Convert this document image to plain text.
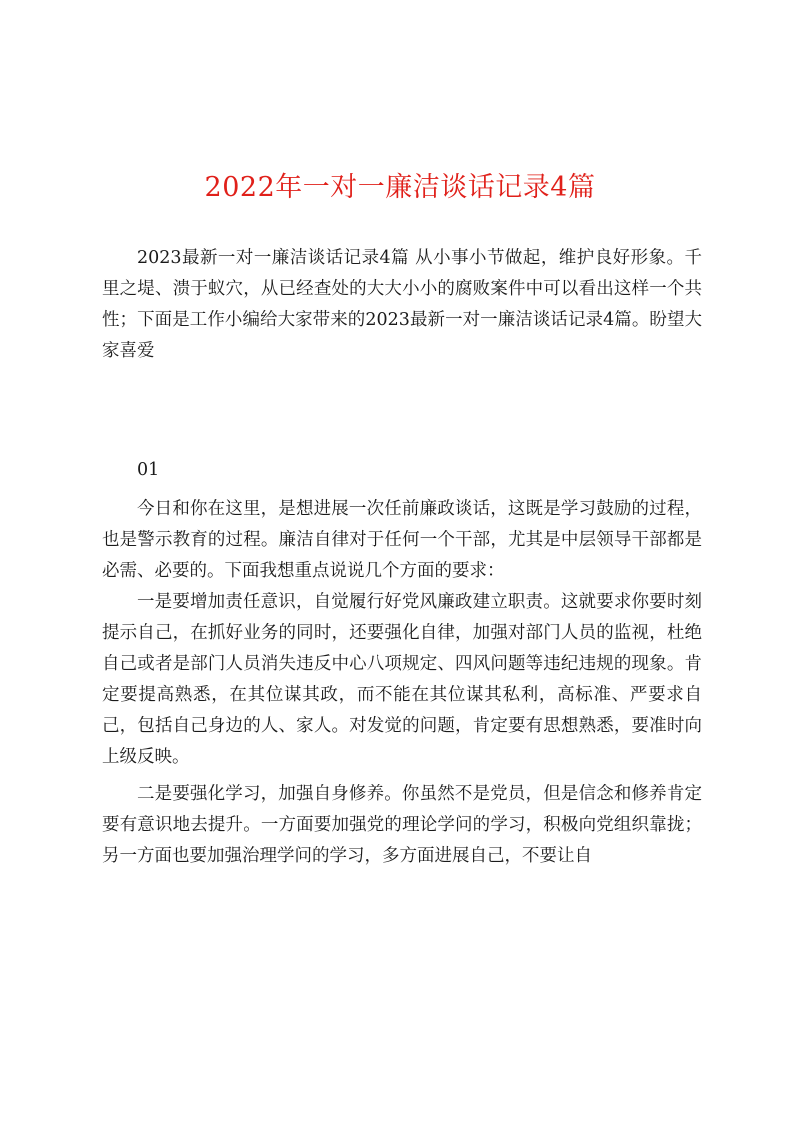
2022年一对一廉洁谈话记录4篇

2023最新一对一廉洁谈话记录4篇 从小事小节做起，维护良好形象。千里之堤、溃于蚁穴，从已经查处的大大小小的腐败案件中可以看出这样一个共性；下面是工作小编给大家带来的2023最新一对一廉洁谈话记录4篇。盼望大家喜爱

01

今日和你在这里，是想进展一次任前廉政谈话，这既是学习鼓励的过程，也是警示教育的过程。廉洁自律对于任何一个干部，尤其是中层领导干部都是必需、必要的。下面我想重点说说几个方面的要求：

一是要增加责任意识，自觉履行好党风廉政建立职责。这就要求你要时刻提示自己，在抓好业务的同时，还要强化自律，加强对部门人员的监视，杜绝自己或者是部门人员消失违反中心八项规定、四风问题等违纪违规的现象。肯定要提高熟悉，在其位谋其政，而不能在其位谋其私利，高标准、严要求自己，包括自己身边的人、家人。对发觉的问题，肯定要有思想熟悉，要准时向上级反映。

二是要强化学习，加强自身修养。你虽然不是党员，但是信念和修养肯定要有意识地去提升。一方面要加强党的理论学问的学习，积极向党组织靠拢；另一方面也要加强治理学问的学习，多方面进展自己，不要让自
